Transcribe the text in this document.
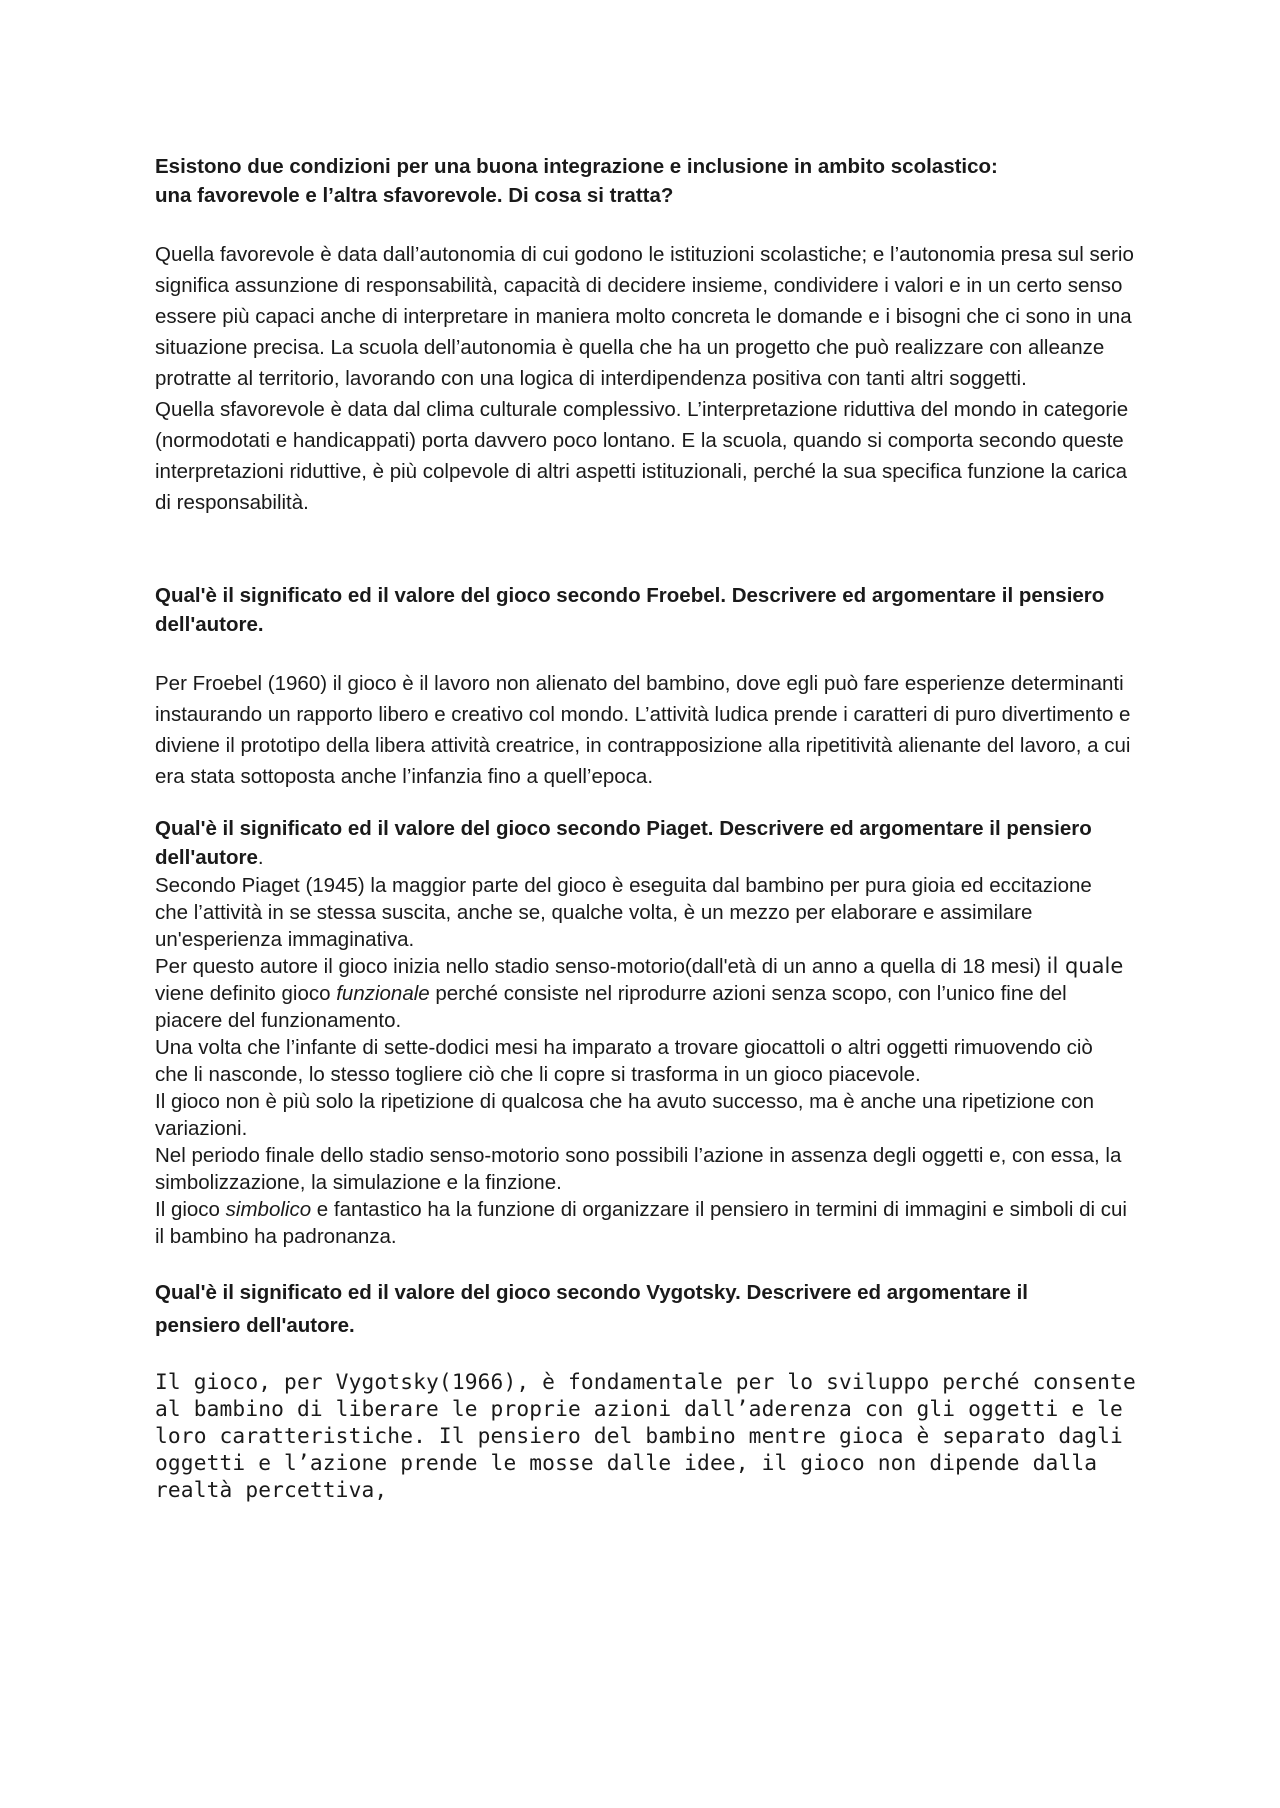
Esistono due condizioni per una buona integrazione e inclusione in ambito scolastico: una favorevole e l’altra sfavorevole. Di cosa si tratta?

Quella favorevole è data dall’autonomia di cui godono le istituzioni scolastiche; e l’autonomia presa sul serio significa assunzione di responsabilità, capacità di decidere insieme, condividere i valori e in un certo senso essere più capaci anche di interpretare in maniera molto concreta le domande e i bisogni che ci sono in una situazione precisa. La scuola dell’autonomia è quella che ha un progetto che può realizzare con alleanze protratte al territorio, lavorando con una logica di interdipendenza positiva con tanti altri soggetti.

Quella sfavorevole è data dal clima culturale complessivo. L’interpretazione riduttiva del mondo in categorie (normodotati e handicappati) porta davvero poco lontano. E la scuola, quando si comporta secondo queste interpretazioni riduttive, è più colpevole di altri aspetti istituzionali, perché la sua specifica funzione la carica di responsabilità.

Qual'è il significato ed il valore del gioco secondo Froebel. Descrivere ed argomentare il pensiero dell'autore.

Per Froebel (1960) il gioco è il lavoro non alienato del bambino, dove egli può fare esperienze determinanti instaurando un rapporto libero e creativo col mondo. L’attività ludica prende i caratteri di puro divertimento e diviene il prototipo della libera attività creatrice, in contrapposizione alla ripetitività alienante del lavoro, a cui era stata sottoposta anche l’infanzia fino a quell’epoca.

Qual'è il significato ed il valore del gioco secondo Piaget. Descrivere ed argomentare il pensiero dell'autore.

Secondo Piaget (1945) la maggior parte del gioco è eseguita dal bambino per pura gioia ed eccitazione che l’attività in se stessa suscita, anche se, qualche volta, è un mezzo per elaborare e assimilare un'esperienza immaginativa.

Per questo autore il gioco inizia nello stadio senso-motorio(dall'età di un anno a quella di 18 mesi) il quale viene definito gioco funzionale perché consiste nel riprodurre azioni senza scopo, con l’unico fine del piacere del funzionamento.

Una volta che l’infante di sette-dodici mesi ha imparato a trovare giocattoli o altri oggetti rimuovendo ciò che li nasconde, lo stesso togliere ciò che li copre si trasforma in un gioco piacevole.

Il gioco non è più solo la ripetizione di qualcosa che ha avuto successo, ma è anche una ripetizione con variazioni.

Nel periodo finale dello stadio senso-motorio sono possibili l’azione in assenza degli oggetti e, con essa, la simbolizzazione, la simulazione e la finzione.

Il gioco simbolico e fantastico ha la funzione di organizzare il pensiero in termini di immagini e simboli di cui il bambino ha padronanza.

Qual'è il significato ed il valore del gioco secondo Vygotsky. Descrivere ed argomentare il pensiero dell'autore.

Il gioco, per Vygotsky(1966), è fondamentale per lo sviluppo perché consente al bambino di liberare le proprie azioni dall’aderenza con gli oggetti e le loro caratteristiche. Il pensiero del bambino mentre gioca è separato dagli oggetti e l’azione prende le mosse dalle idee, il gioco non dipende dalla realtà percettiva,
